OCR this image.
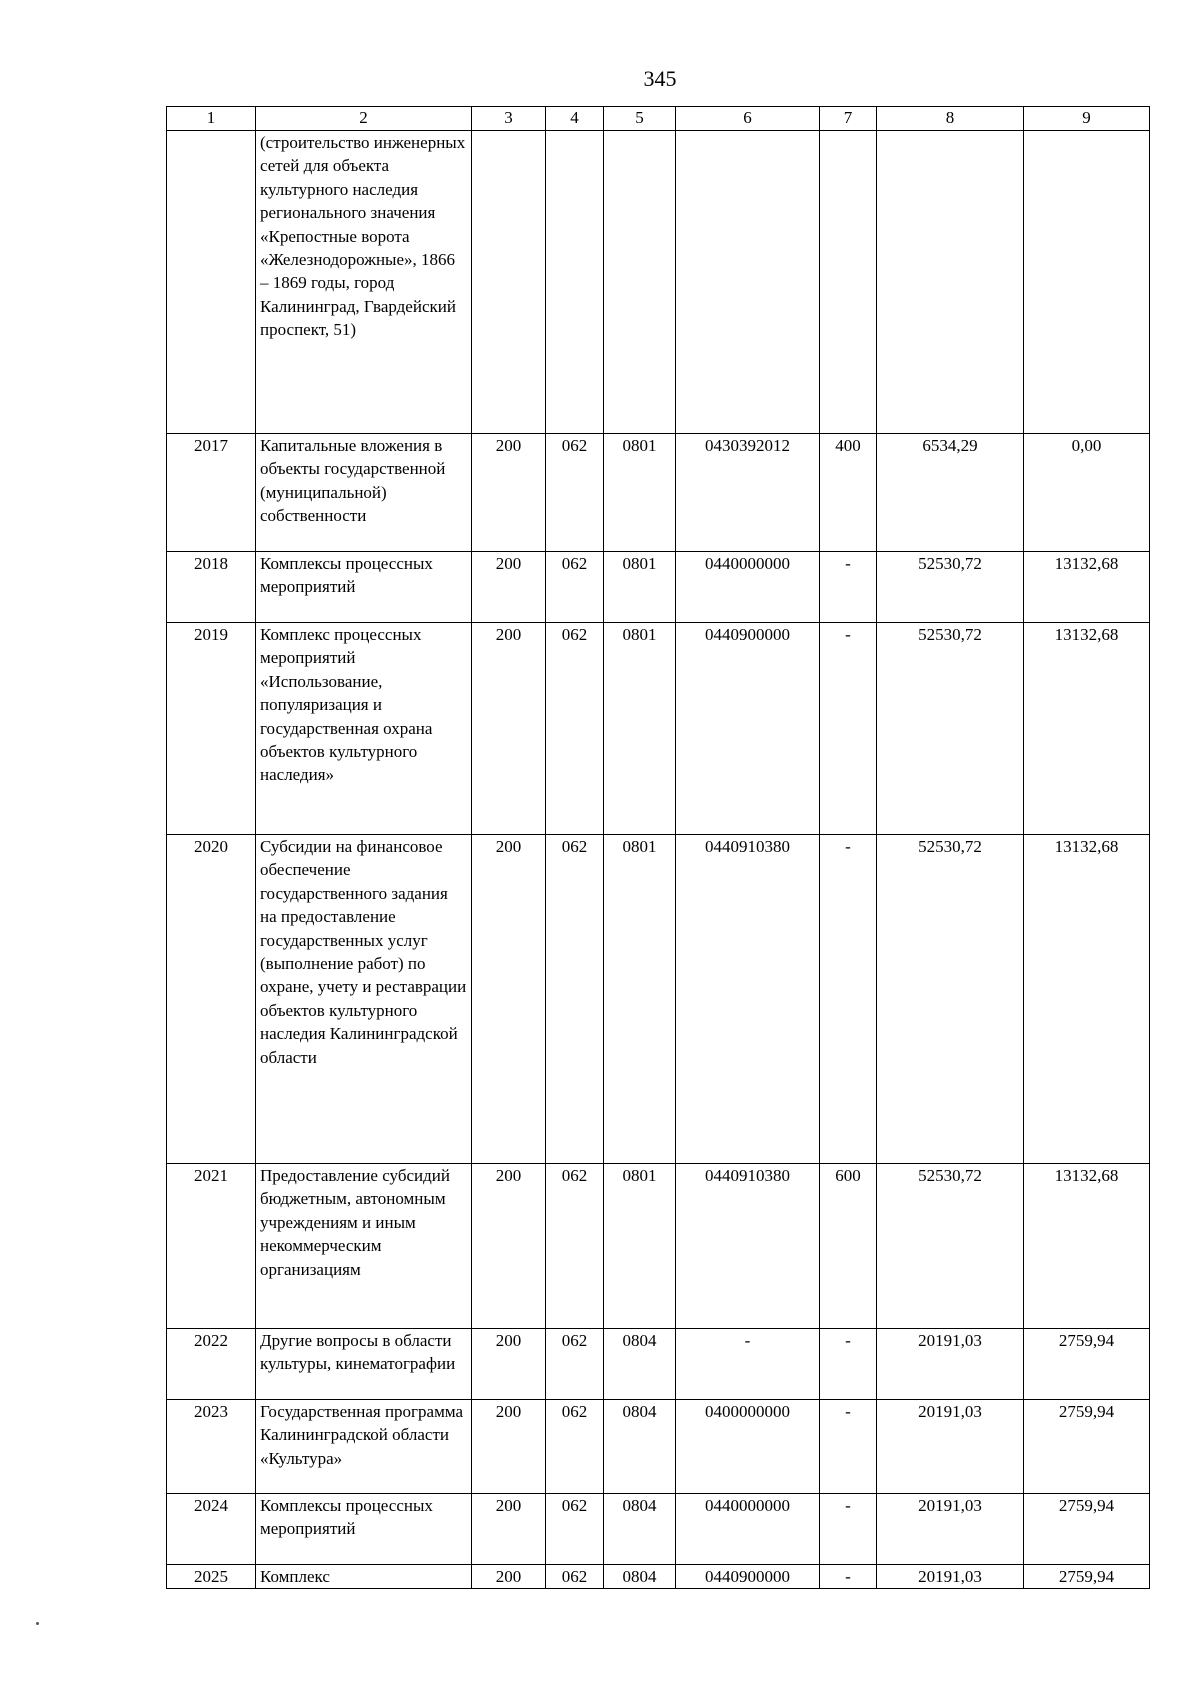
345
1	2	3	4	5	6	7	8	9
	(строительство инженерных сетей для объекта культурного наследия регионального значения «Крепостные ворота «Железнодорожные», 1866 – 1869 годы, город Калининград, Гвардейский проспект, 51)							
2017	Капитальные вложения в объекты государственной (муниципальной) собственности	200	062	0801	0430392012	400	6534,29	0,00
2018	Комплексы процессных мероприятий	200	062	0801	0440000000	-	52530,72	13132,68
2019	Комплекс процессных мероприятий «Использование, популяризация и государственная охрана объектов культурного наследия»	200	062	0801	0440900000	-	52530,72	13132,68
2020	Субсидии на финансовое обеспечение государственного задания на предоставление государственных услуг (выполнение работ) по охране, учету и реставрации объектов культурного наследия Калининградской области	200	062	0801	0440910380	-	52530,72	13132,68
2021	Предоставление субсидий бюджетным, автономным учреждениям и иным некоммерческим организациям	200	062	0801	0440910380	600	52530,72	13132,68
2022	Другие вопросы в области культуры, кинематографии	200	062	0804	-	-	20191,03	2759,94
2023	Государственная программа Калининградской области «Культура»	200	062	0804	0400000000	-	20191,03	2759,94
2024	Комплексы процессных мероприятий	200	062	0804	0440000000	-	20191,03	2759,94
2025	Комплекс	200	062	0804	0440900000	-	20191,03	2759,94
